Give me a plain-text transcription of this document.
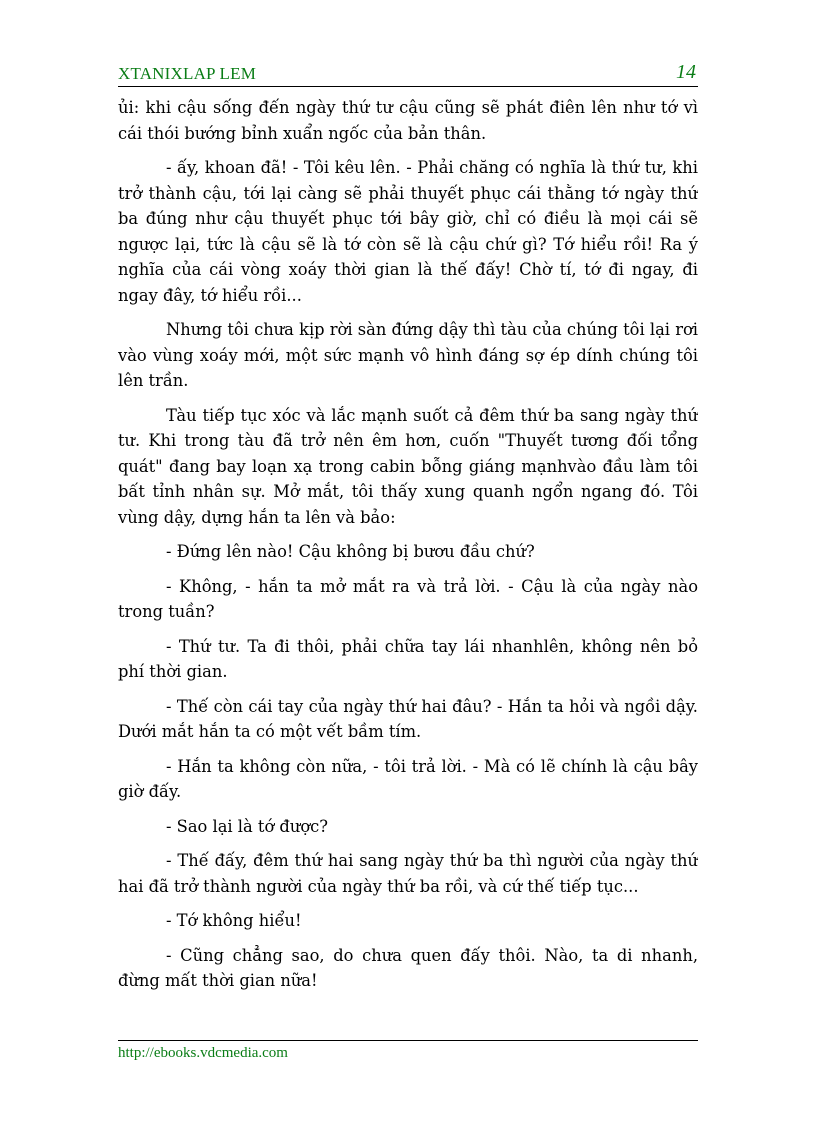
XTANIXLAP LEM	14

ủi: khi cậu sống đến ngày thứ tư cậu cũng sẽ phát điên lên như tớ vì cái thói bướng bỉnh xuẩn ngốc của bản thân.

- ấy, khoan đã! - Tôi kêu lên. - Phải chăng có nghĩa là thứ tư, khi trở thành cậu, tới lại càng sẽ phải thuyết phục cái thằng tớ ngày thứ ba đúng như cậu thuyết phục tới bây giờ, chỉ có điều là mọi cái sẽ ngược lại, tức là cậu sẽ là tớ còn sẽ là cậu chứ gì? Tớ hiểu rồi! Ra ý nghĩa của cái vòng xoáy thời gian là thế đấy! Chờ tí, tớ đi ngay, đi ngay đây, tớ hiểu rồi...

Nhưng tôi chưa kịp rời sàn đứng dậy thì tàu của chúng tôi lại rơi vào vùng xoáy mới, một sức mạnh vô hình đáng sợ ép dính chúng tôi lên trần.

Tàu tiếp tục xóc và lắc mạnh suốt cả đêm thứ ba sang ngày thứ tư. Khi trong tàu đã trở nên êm hơn, cuốn "Thuyết tương đối tổng quát" đang bay loạn xạ trong cabin bỗng giáng mạnhvào đầu làm tôi bất tỉnh nhân sự. Mở mắt, tôi thấy xung quanh ngổn ngang đó. Tôi vùng dậy, dựng hắn ta lên và bảo:

- Đứng lên nào! Cậu không bị bươu đầu chứ?

- Không, - hắn ta mở mắt ra và trả lời. - Cậu là của ngày nào trong tuần?

- Thứ tư. Ta đi thôi, phải chữa tay lái nhanhlên, không nên bỏ phí thời gian.

- Thế còn cái tay của ngày thứ hai đâu? - Hắn ta hỏi và ngồi dậy. Dưới mắt hắn ta có một vết bầm tím.

- Hắn ta không còn nữa, - tôi trả lời. - Mà có lẽ chính là cậu bây giờ đấy.

- Sao lại là tớ được?

- Thế đấy, đêm thứ hai sang ngày thứ ba thì người của ngày thứ hai đã trở thành người của ngày thứ ba rồi, và cứ thế tiếp tục...

- Tớ không hiểu!

- Cũng chẳng sao, do chưa quen đấy thôi. Nào, ta di nhanh, đừng mất thời gian nữa!

http://ebooks.vdcmedia.com
